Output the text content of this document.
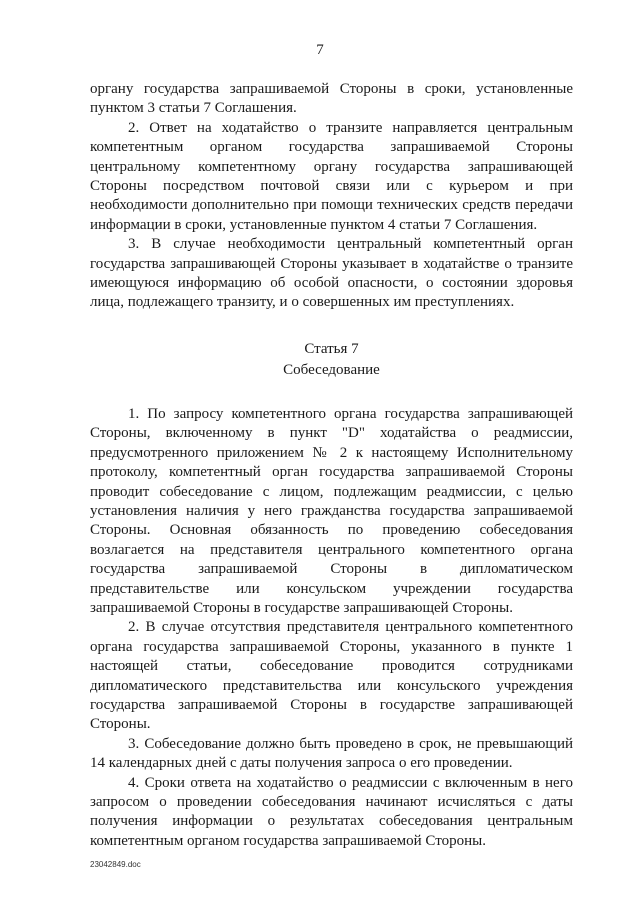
7

органу государства запрашиваемой Стороны в сроки, установленные пунктом 3 статьи 7 Соглашения.

2. Ответ на ходатайство о транзите направляется центральным компетентным органом государства запрашиваемой Стороны центральному компетентному органу государства запрашивающей Стороны посредством почтовой связи или с курьером и при необходимости дополнительно при помощи технических средств передачи информации в сроки, установленные пунктом 4 статьи 7 Соглашения.

3. В случае необходимости центральный компетентный орган государства запрашивающей Стороны указывает в ходатайстве о транзите имеющуюся информацию об особой опасности, о состоянии здоровья лица, подлежащего транзиту, и о совершенных им преступлениях.

Статья 7
Собеседование

1. По запросу компетентного органа государства запрашивающей Стороны, включенному в пункт "D" ходатайства о реадмиссии, предусмотренного приложением № 2 к настоящему Исполнительному протоколу, компетентный орган государства запрашиваемой Стороны проводит собеседование с лицом, подлежащим реадмиссии, с целью установления наличия у него гражданства государства запрашиваемой Стороны. Основная обязанность по проведению собеседования возлагается на представителя центрального компетентного органа государства запрашиваемой Стороны в дипломатическом представительстве или консульском учреждении государства запрашиваемой Стороны в государстве запрашивающей Стороны.

2. В случае отсутствия представителя центрального компетентного органа государства запрашиваемой Стороны, указанного в пункте 1 настоящей статьи, собеседование проводится сотрудниками дипломатического представительства или консульского учреждения государства запрашиваемой Стороны в государстве запрашивающей Стороны.

3. Собеседование должно быть проведено в срок, не превышающий 14 календарных дней с даты получения запроса о его проведении.

4. Сроки ответа на ходатайство о реадмиссии с включенным в него запросом о проведении собеседования начинают исчисляться с даты получения информации о результатах собеседования центральным компетентным органом государства запрашиваемой Стороны.

23042849.doc
